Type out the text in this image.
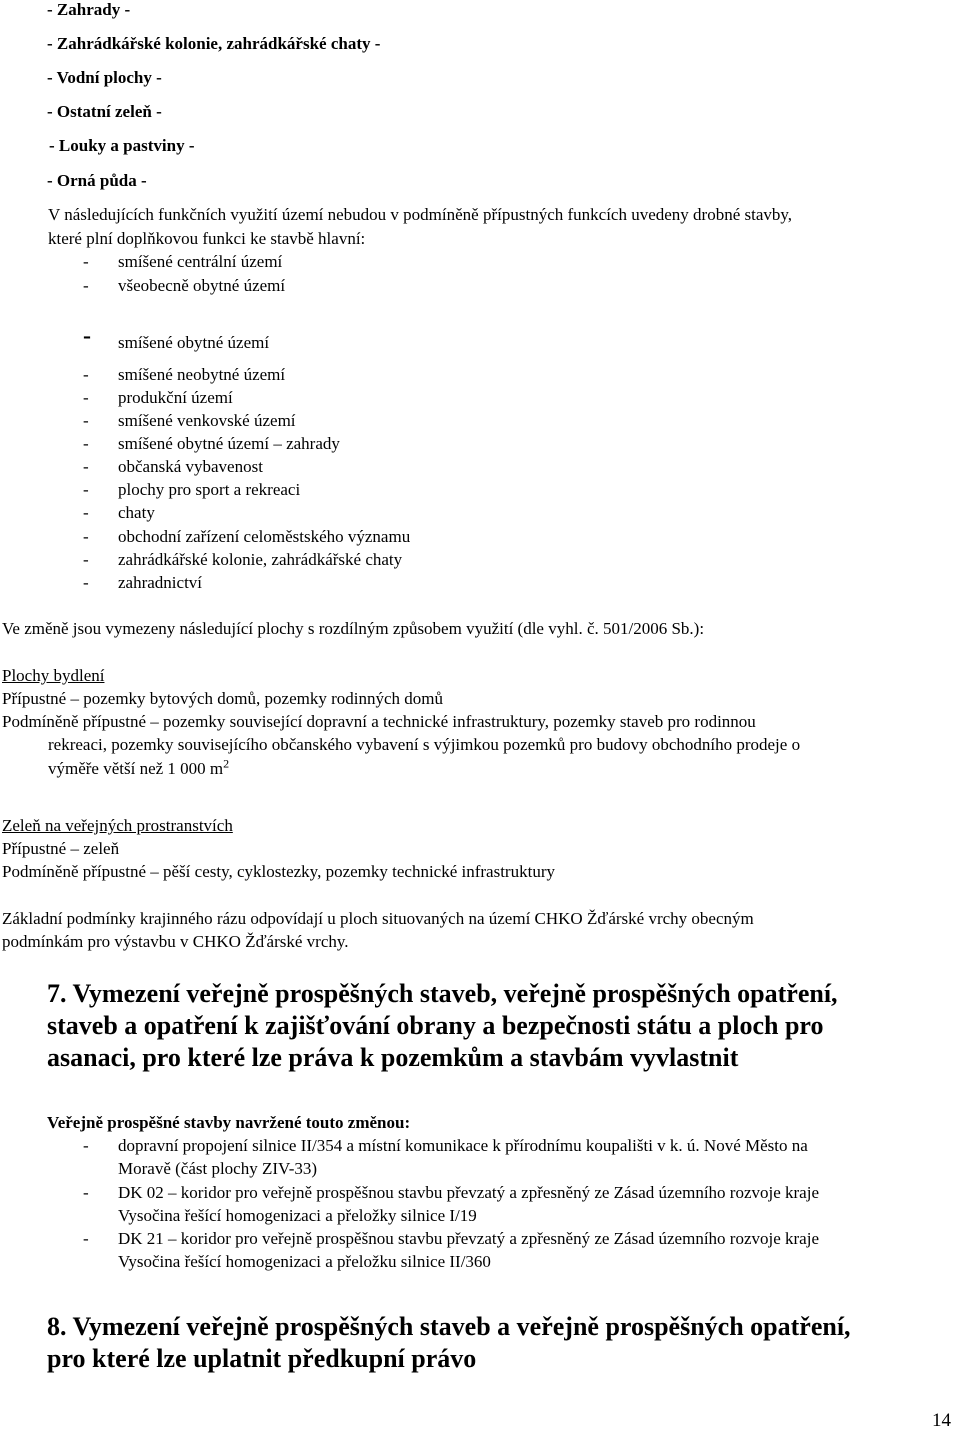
- Zahrady -
- Zahrádkářské kolonie, zahrádkářské chaty -
- Vodní plochy -
- Ostatní zeleň -
- Louky a pastviny -
- Orná půda -
V následujících funkčních využití území nebudou v podmíněně přípustných funkcích uvedeny drobné stavby,
které plní doplňkovou funkci ke stavbě hlavní:
- smíšené centrální území
- všeobecně obytné území
- smíšené obytné území
- smíšené neobytné území
- produkční území
- smíšené venkovské území
- smíšené obytné území – zahrady
- občanská vybavenost
- plochy pro sport a rekreaci
- chaty
- obchodní zařízení celoměstského významu
- zahrádkářské kolonie, zahrádkářské chaty
- zahradnictví
Ve změně jsou vymezeny následující plochy s rozdílným způsobem využití (dle vyhl. č. 501/2006 Sb.):
Plochy bydlení
Přípustné – pozemky bytových domů, pozemky rodinných domů
Podmíněně přípustné – pozemky související dopravní a technické infrastruktury, pozemky staveb pro rodinnou
rekreaci, pozemky souvisejícího občanského vybavení s výjimkou pozemků pro budovy obchodního prodeje o
výměře větší než 1 000 $m^2$
Zeleň na veřejných prostranstvích
Přípustné – zeleň
Podmíněně přípustné – pěší cesty, cyklostezky, pozemky technické infrastruktury
Základní podmínky krajinného rázu odpovídají u ploch situovaných na území CHKO Žďárské vrchy obecným
podmínkám pro výstavbu v CHKO Žďárské vrchy.
7. Vymezení veřejně prospěšných staveb, veřejně prospěšných opatření,
staveb a opatření k zajišťování obrany a bezpečnosti státu a ploch pro
asanaci, pro které lze práva k pozemkům a stavbám vyvlastnit
Veřejně prospěšné stavby navržené touto změnou:
- dopravní propojení silnice II/354 a místní komunikace k přírodnímu koupališti v k. ú. Nové Město na
Moravě (část plochy ZIV-33)
- DK 02 – koridor pro veřejně prospěšnou stavbu převzatý a zpřesněný ze Zásad územního rozvoje kraje
Vysočina řešící homogenizaci a přeložky silnice I/19
- DK 21 – koridor pro veřejně prospěšnou stavbu převzatý a zpřesněný ze Zásad územního rozvoje kraje
Vysočina řešící homogenizaci a přeložku silnice II/360
8. Vymezení veřejně prospěšných staveb a veřejně prospěšných opatření,
pro které lze uplatnit předkupní právo
14
